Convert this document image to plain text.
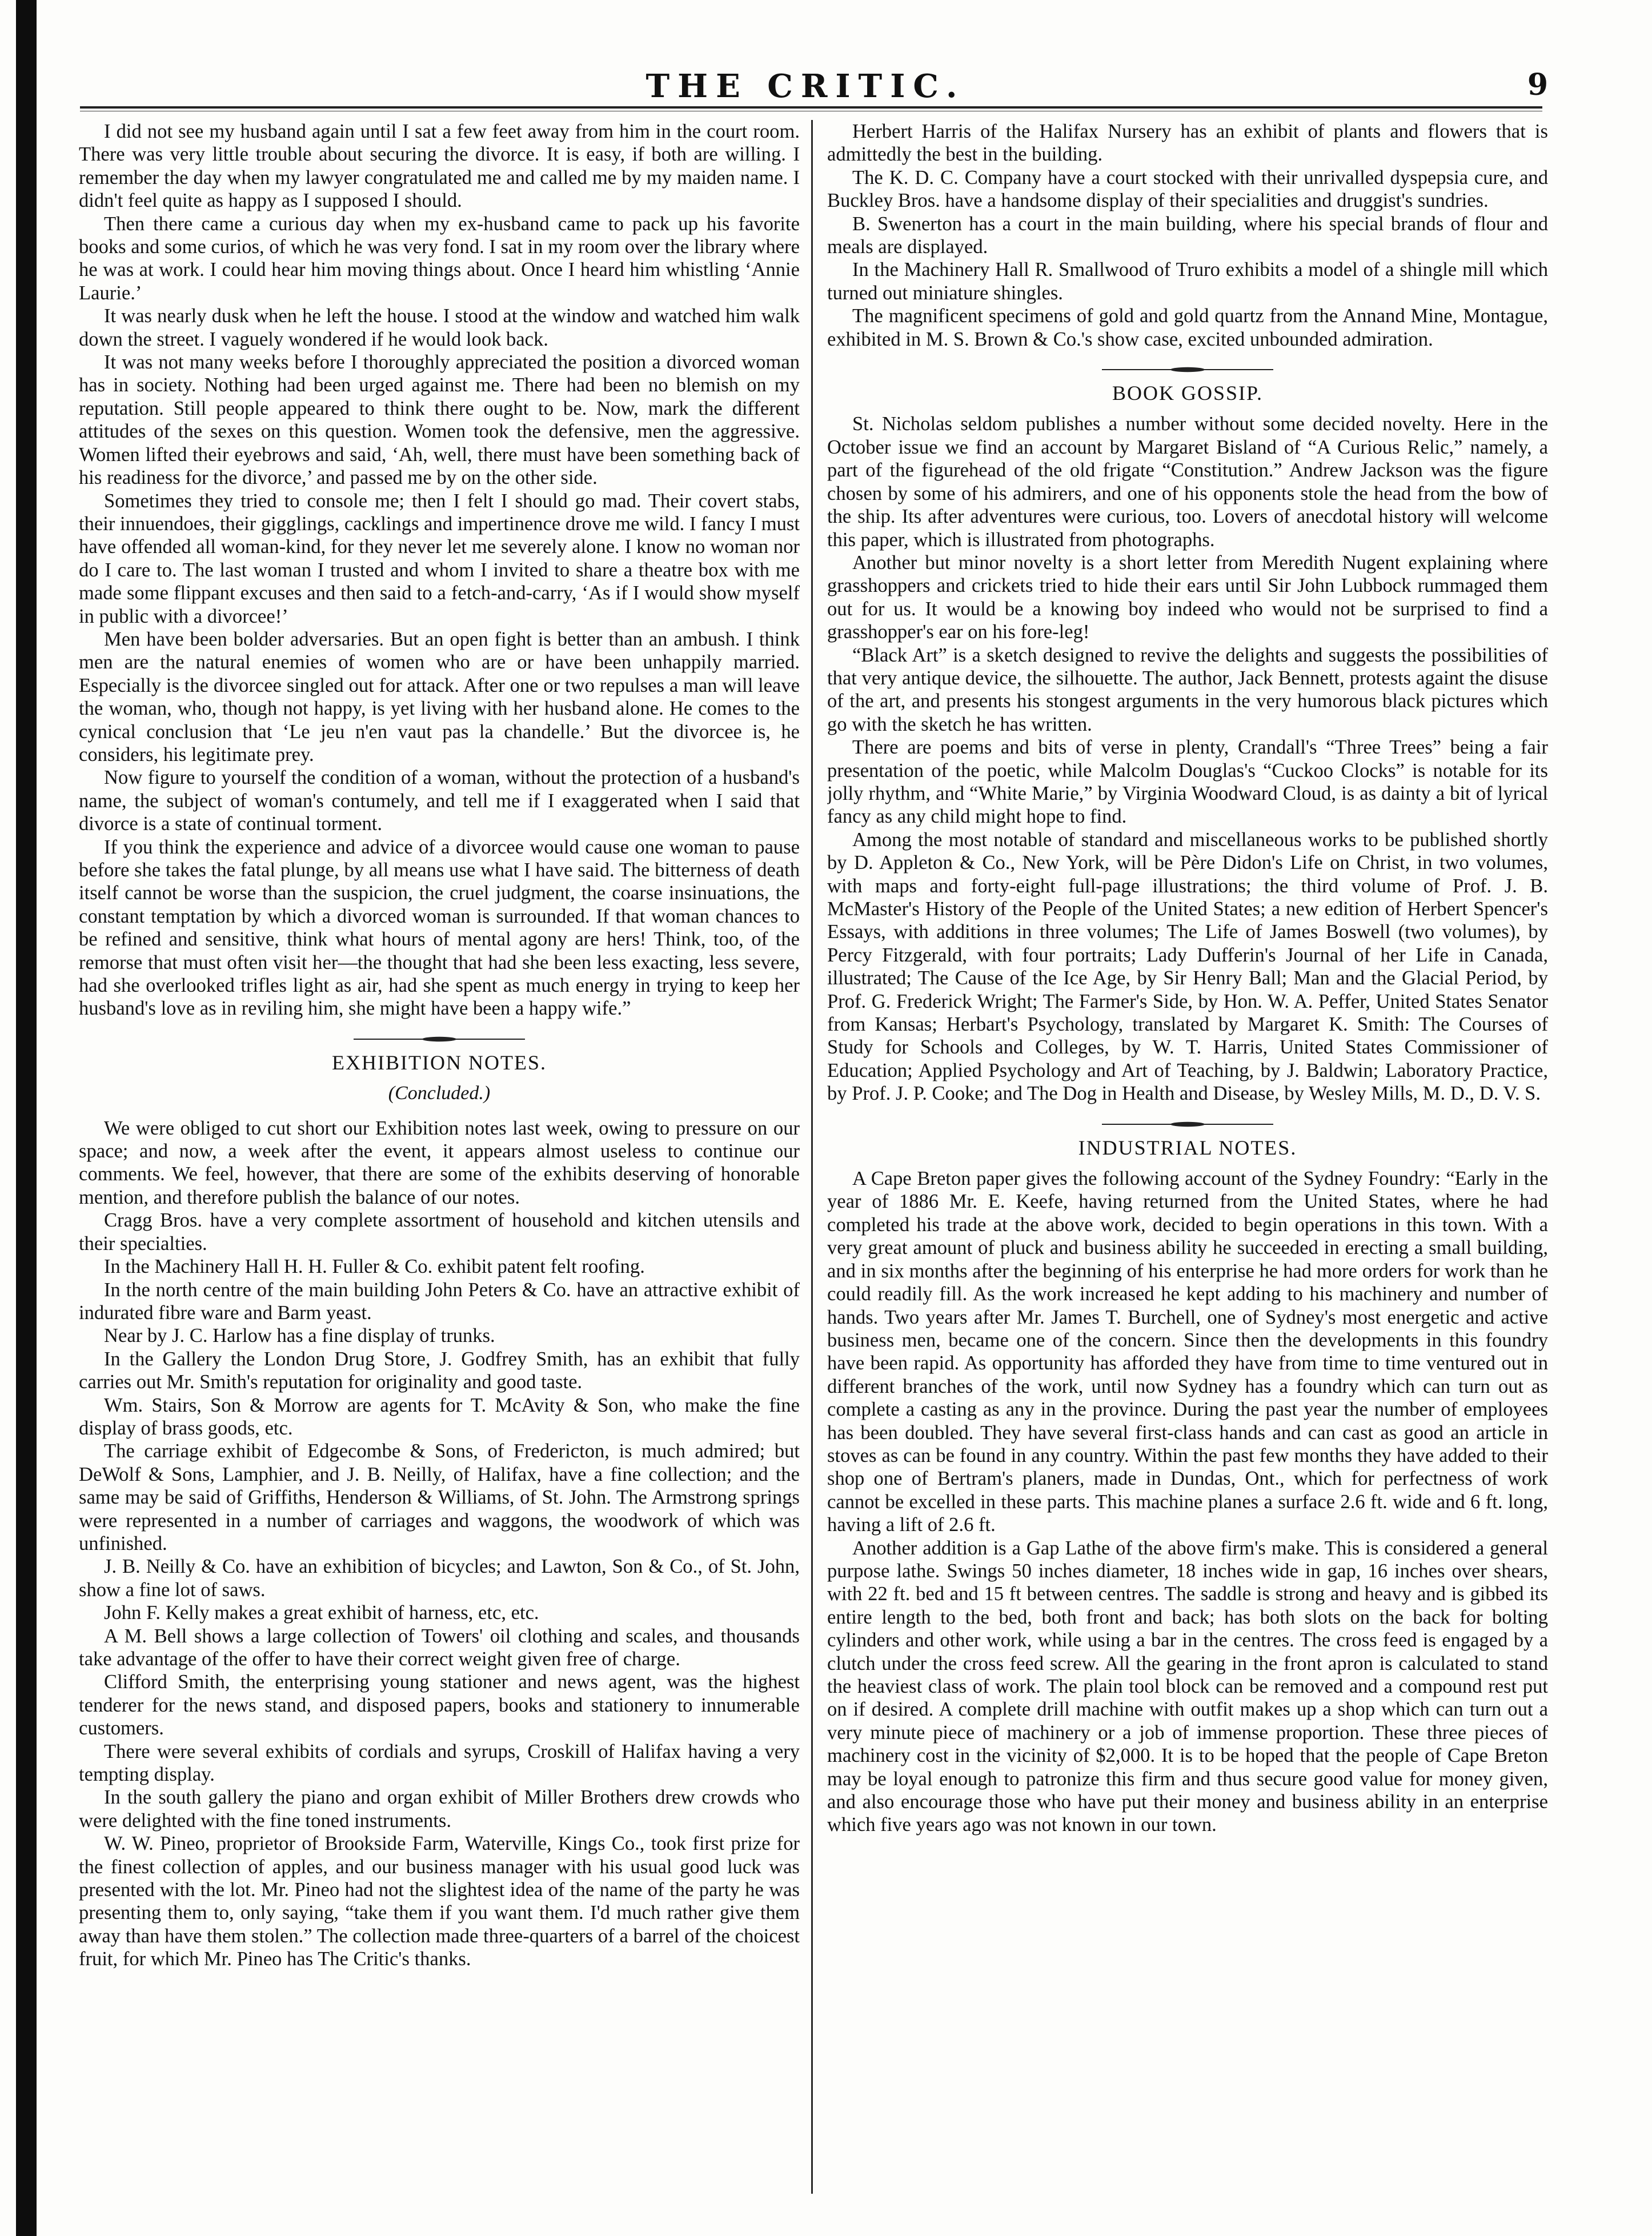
THE CRITIC.	9

I did not see my husband again until I sat a few feet away from him in the court room. There was very little trouble about securing the divorce. It is easy, if both are willing. I remember the day when my lawyer congratulated me and called me by my maiden name. I didn't feel quite as happy as I supposed I should.

Then there came a curious day when my ex-husband came to pack up his favorite books and some curios, of which he was very fond. I sat in my room over the library where he was at work. I could hear him moving things about. Once I heard him whistling ‘Annie Laurie.’

It was nearly dusk when he left the house. I stood at the window and watched him walk down the street. I vaguely wondered if he would look back.

It was not many weeks before I thoroughly appreciated the position a divorced woman has in society. Nothing had been urged against me. There had been no blemish on my reputation. Still people appeared to think there ought to be. Now, mark the different attitudes of the sexes on this question. Women took the defensive, men the aggressive. Women lifted their eyebrows and said, ‘Ah, well, there must have been something back of his readiness for the divorce,’ and passed me by on the other side.

Sometimes they tried to console me; then I felt I should go mad. Their covert stabs, their innuendoes, their gigglings, cacklings and impertinence drove me wild. I fancy I must have offended all woman-kind, for they never let me severely alone. I know no woman nor do I care to. The last woman I trusted and whom I invited to share a theatre box with me made some flippant excuses and then said to a fetch-and-carry, ‘As if I would show myself in public with a divorcee!’

Men have been bolder adversaries. But an open fight is better than an ambush. I think men are the natural enemies of women who are or have been unhappily married. Especially is the divorcee singled out for attack. After one or two repulses a man will leave the woman, who, though not happy, is yet living with her husband alone. He comes to the cynical conclusion that ‘Le jeu n'en vaut pas la chandelle.’ But the divorcee is, he considers, his legitimate prey.

Now figure to yourself the condition of a woman, without the protection of a husband's name, the subject of woman's contumely, and tell me if I exaggerated when I said that divorce is a state of continual torment.

If you think the experience and advice of a divorcee would cause one woman to pause before she takes the fatal plunge, by all means use what I have said. The bitterness of death itself cannot be worse than the suspicion, the cruel judgment, the coarse insinuations, the constant temptation by which a divorced woman is surrounded. If that woman chances to be refined and sensitive, think what hours of mental agony are hers! Think, too, of the remorse that must often visit her—the thought that had she been less exacting, less severe, had she overlooked trifles light as air, had she spent as much energy in trying to keep her husband's love as in reviling him, she might have been a happy wife.”

EXHIBITION NOTES.
(Concluded.)

We were obliged to cut short our Exhibition notes last week, owing to pressure on our space; and now, a week after the event, it appears almost useless to continue our comments. We feel, however, that there are some of the exhibits deserving of honorable mention, and therefore publish the balance of our notes.

Cragg Bros. have a very complete assortment of household and kitchen utensils and their specialties.

In the Machinery Hall H. H. Fuller & Co. exhibit patent felt roofing.

In the north centre of the main building John Peters & Co. have an attractive exhibit of indurated fibre ware and Barm yeast.

Near by J. C. Harlow has a fine display of trunks.

In the Gallery the London Drug Store, J. Godfrey Smith, has an exhibit that fully carries out Mr. Smith's reputation for originality and good taste.

Wm. Stairs, Son & Morrow are agents for T. McAvity & Son, who make the fine display of brass goods, etc.

The carriage exhibit of Edgecombe & Sons, of Fredericton, is much admired; but DeWolf & Sons, Lamphier, and J. B. Neilly, of Halifax, have a fine collection; and the same may be said of Griffiths, Henderson & Williams, of St. John. The Armstrong springs were represented in a number of carriages and waggons, the woodwork of which was unfinished.

J. B. Neilly & Co. have an exhibition of bicycles; and Lawton, Son & Co., of St. John, show a fine lot of saws.

John F. Kelly makes a great exhibit of harness, etc, etc.

A M. Bell shows a large collection of Towers' oil clothing and scales, and thousands take advantage of the offer to have their correct weight given free of charge.

Clifford Smith, the enterprising young stationer and news agent, was the highest tenderer for the news stand, and disposed papers, books and stationery to innumerable customers.

There were several exhibits of cordials and syrups, Croskill of Halifax having a very tempting display.

In the south gallery the piano and organ exhibit of Miller Brothers drew crowds who were delighted with the fine toned instruments.

W. W. Pineo, proprietor of Brookside Farm, Waterville, Kings Co., took first prize for the finest collection of apples, and our business manager with his usual good luck was presented with the lot. Mr. Pineo had not the slightest idea of the name of the party he was presenting them to, only saying, “take them if you want them. I'd much rather give them away than have them stolen.” The collection made three-quarters of a barrel of the choicest fruit, for which Mr. Pineo has The Critic's thanks.

Herbert Harris of the Halifax Nursery has an exhibit of plants and flowers that is admittedly the best in the building.

The K. D. C. Company have a court stocked with their unrivalled dyspepsia cure, and Buckley Bros. have a handsome display of their specialities and druggist's sundries.

B. Swenerton has a court in the main building, where his special brands of flour and meals are displayed.

In the Machinery Hall R. Smallwood of Truro exhibits a model of a shingle mill which turned out miniature shingles.

The magnificent specimens of gold and gold quartz from the Annand Mine, Montague, exhibited in M. S. Brown & Co.'s show case, excited unbounded admiration.

BOOK GOSSIP.

St. Nicholas seldom publishes a number without some decided novelty. Here in the October issue we find an account by Margaret Bisland of “A Curious Relic,” namely, a part of the figurehead of the old frigate “Constitution.” Andrew Jackson was the figure chosen by some of his admirers, and one of his opponents stole the head from the bow of the ship. Its after adventures were curious, too. Lovers of anecdotal history will welcome this paper, which is illustrated from photographs.

Another but minor novelty is a short letter from Meredith Nugent explaining where grasshoppers and crickets tried to hide their ears until Sir John Lubbock rummaged them out for us. It would be a knowing boy indeed who would not be surprised to find a grasshopper's ear on his fore-leg!

“Black Art” is a sketch designed to revive the delights and suggests the possibilities of that very antique device, the silhouette. The author, Jack Bennett, protests againt the disuse of the art, and presents his stongest arguments in the very humorous black pictures which go with the sketch he has written.

There are poems and bits of verse in plenty, Crandall's “Three Trees” being a fair presentation of the poetic, while Malcolm Douglas's “Cuckoo Clocks” is notable for its jolly rhythm, and “White Marie,” by Virginia Woodward Cloud, is as dainty a bit of lyrical fancy as any child might hope to find.

Among the most notable of standard and miscellaneous works to be published shortly by D. Appleton & Co., New York, will be Père Didon's Life on Christ, in two volumes, with maps and forty-eight full-page illustrations; the third volume of Prof. J. B. McMaster's History of the People of the United States; a new edition of Herbert Spencer's Essays, with additions in three volumes; The Life of James Boswell (two volumes), by Percy Fitzgerald, with four portraits; Lady Dufferin's Journal of her Life in Canada, illustrated; The Cause of the Ice Age, by Sir Henry Ball; Man and the Glacial Period, by Prof. G. Frederick Wright; The Farmer's Side, by Hon. W. A. Peffer, United States Senator from Kansas; Herbart's Psychology, translated by Margaret K. Smith: The Courses of Study for Schools and Colleges, by W. T. Harris, United States Commissioner of Education; Applied Psychology and Art of Teaching, by J. Baldwin; Laboratory Practice, by Prof. J. P. Cooke; and The Dog in Health and Disease, by Wesley Mills, M. D., D. V. S.

INDUSTRIAL NOTES.

A Cape Breton paper gives the following account of the Sydney Foundry: “Early in the year of 1886 Mr. E. Keefe, having returned from the United States, where he had completed his trade at the above work, decided to begin operations in this town. With a very great amount of pluck and business ability he succeeded in erecting a small building, and in six months after the beginning of his enterprise he had more orders for work than he could readily fill. As the work increased he kept adding to his machinery and number of hands. Two years after Mr. James T. Burchell, one of Sydney's most energetic and active business men, became one of the concern. Since then the developments in this foundry have been rapid. As opportunity has afforded they have from time to time ventured out in different branches of the work, until now Sydney has a foundry which can turn out as complete a casting as any in the province. During the past year the number of employees has been doubled. They have several first-class hands and can cast as good an article in stoves as can be found in any country. Within the past few months they have added to their shop one of Bertram's planers, made in Dundas, Ont., which for perfectness of work cannot be excelled in these parts. This machine planes a surface 2.6 ft. wide and 6 ft. long, having a lift of 2.6 ft.

Another addition is a Gap Lathe of the above firm's make. This is considered a general purpose lathe. Swings 50 inches diameter, 18 inches wide in gap, 16 inches over shears, with 22 ft. bed and 15 ft between centres. The saddle is strong and heavy and is gibbed its entire length to the bed, both front and back; has both slots on the back for bolting cylinders and other work, while using a bar in the centres. The cross feed is engaged by a clutch under the cross feed screw. All the gearing in the front apron is calculated to stand the heaviest class of work. The plain tool block can be removed and a compound rest put on if desired. A complete drill machine with outfit makes up a shop which can turn out a very minute piece of machinery or a job of immense proportion. These three pieces of machinery cost in the vicinity of $2,000. It is to be hoped that the people of Cape Breton may be loyal enough to patronize this firm and thus secure good value for money given, and also encourage those who have put their money and business ability in an enterprise which five years ago was not known in our town.
